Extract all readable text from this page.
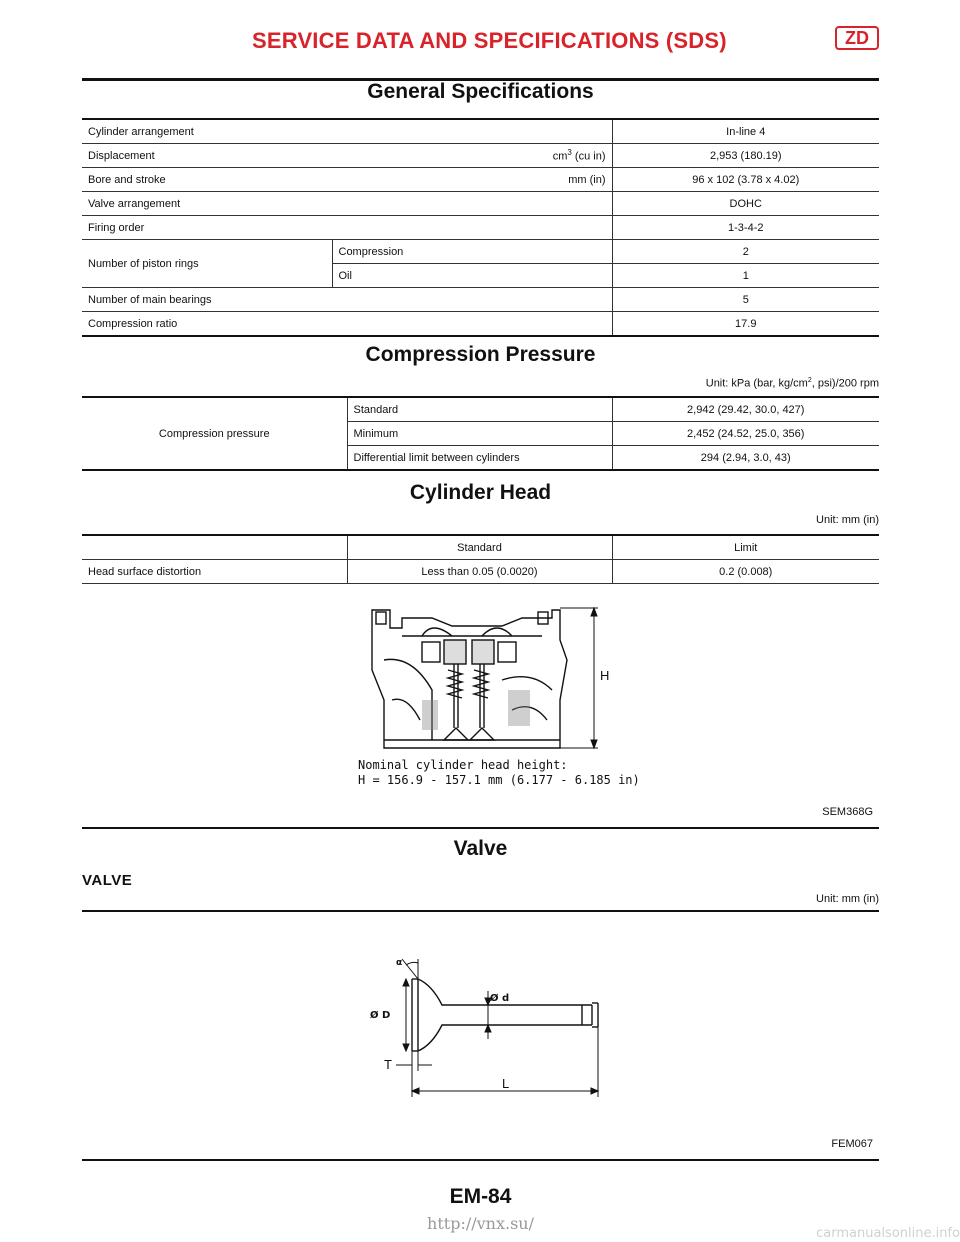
SERVICE DATA AND SPECIFICATIONS (SDS)	ZD
General Specifications
Cylinder arrangement		In-line 4
Displacement	$cm^3$ (cu in)	2,953 (180.19)
Bore and stroke	mm (in)	96 x 102 (3.78 x 4.02)
Valve arrangement		DOHC
Firing order		1-3-4-2
Number of piston rings	Compression	2
	Oil	1
Number of main bearings		5
Compression ratio		17.9
Compression Pressure
Unit: kPa (bar, $kg/cm^2$, psi)/200 rpm
Compression pressure	Standard	2,942 (29.42, 30.0, 427)
	Minimum	2,452 (24.52, 25.0, 356)
	Differential limit between cylinders	294 (2.94, 3.0, 43)
Cylinder Head
Unit: mm (in)
	Standard	Limit
Head surface distortion	Less than 0.05 (0.0020)	0.2 (0.008)
H
Nominal cylinder head height:
H = 156.9 - 157.1 mm (6.177 - 6.185 in)
SEM368G
Valve
VALVE
Unit: mm (in)
α
Ø D
Ø d
T
L
FEM067
EM-84
http://vnx.su/
carmanualsonline.info
